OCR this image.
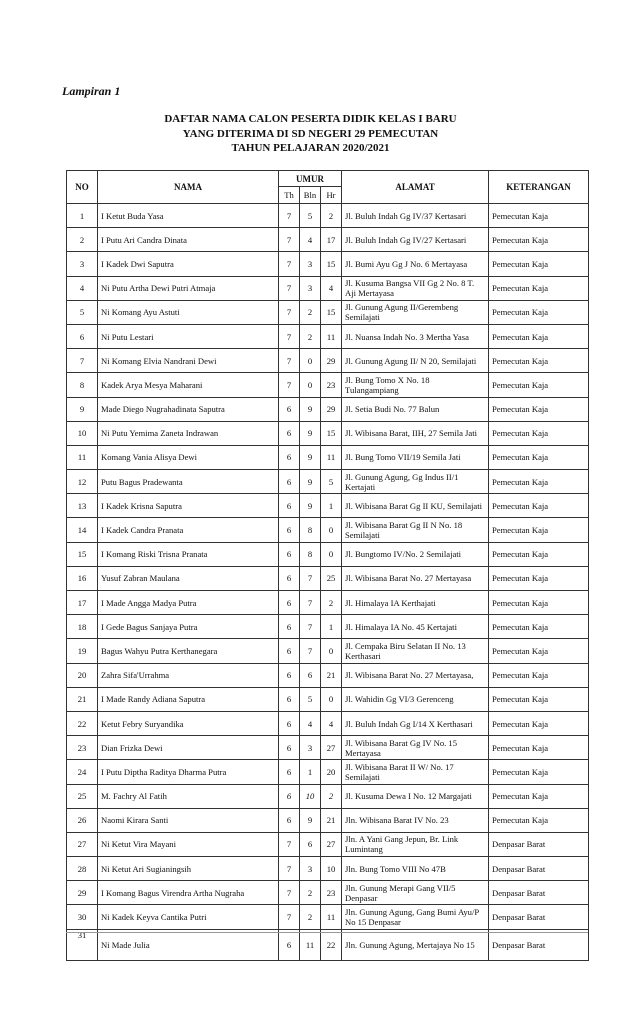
Lampiran 1
DAFTAR NAMA CALON PESERTA DIDIK KELAS I BARU
YANG DITERIMA DI SD NEGERI 29 PEMECUTAN
TAHUN PELAJARAN 2020/2021
NO	NAMA	UMUR			ALAMAT	KETERANGAN
		Th	Bln	Hr		
1	I Ketut Buda Yasa	7	5	2	Jl. Buluh Indah Gg IV/37 Kertasari	Pemecutan Kaja
2	I Putu Ari Candra Dinata	7	4	17	Jl. Buluh Indah Gg IV/27 Kertasari	Pemecutan Kaja
3	I Kadek Dwi Saputra	7	3	15	Jl. Bumi Ayu Gg J No. 6 Mertayasa	Pemecutan Kaja
4	Ni Putu Artha Dewi Putri Atmaja	7	3	4	Jl. Kusuma Bangsa VII Gg 2 No. 8 T. Aji Mertayasa	Pemecutan Kaja
5	Ni Komang Ayu Astuti	7	2	15	Jl. Gunung Agung II/Gerembeng Semilajati	Pemecutan Kaja
6	Ni Putu Lestari	7	2	11	Jl. Nuansa Indah No. 3 Mertha Yasa	Pemecutan Kaja
7	Ni Komang Elvia Nandrani Dewi	7	0	29	Jl. Gunung Agung II/ N 20, Semilajati	Pemecutan Kaja
8	Kadek Arya Mesya Maharani	7	0	23	Jl. Bung Tomo X No. 18 Tulangampiang	Pemecutan Kaja
9	Made Diego Nugrahadinata Saputra	6	9	29	Jl. Setia Budi No. 77 Balun	Pemecutan Kaja
10	Ni Putu Yemima Zaneta Indrawan	6	9	15	Jl. Wibisana Barat, IIH, 27 Semila Jati	Pemecutan Kaja
11	Komang Vania Alisya Dewi	6	9	11	Jl. Bung Tomo VII/19 Semila Jati	Pemecutan Kaja
12	Putu Bagus Pradewanta	6	9	5	Jl. Gunung Agung, Gg Indus II/1 Kertajati	Pemecutan Kaja
13	I Kadek Krisna Saputra	6	9	1	Jl. Wibisana Barat Gg II KU, Semilajati	Pemecutan Kaja
14	I Kadek Candra Pranata	6	8	0	Jl. Wibisana Barat Gg II N No. 18 Semilajati	Pemecutan Kaja
15	I Komang Riski Trisna Pranata	6	8	0	Jl. Bungtomo IV/No. 2 Semilajati	Pemecutan Kaja
16	Yusuf Zabran Maulana	6	7	25	Jl. Wibisana Barat No. 27 Mertayasa	Pemecutan Kaja
17	I Made Angga Madya Putra	6	7	2	Jl. Himalaya IA Kerthajati	Pemecutan Kaja
18	I Gede Bagus Sanjaya Putra	6	7	1	Jl. Himalaya IA No. 45 Kertajati	Pemecutan Kaja
19	Bagus Wahyu Putra Kerthanegara	6	7	0	Jl. Cempaka Biru Selatan II No. 13 Kerthasari	Pemecutan Kaja
20	Zahra Sifa'Urrahma	6	6	21	Jl. Wibisana Barat No. 27 Mertayasa,	Pemecutan Kaja
21	I Made Randy Adiana Saputra	6	5	0	Jl. Wahidin Gg VI/3 Gerenceng	Pemecutan Kaja
22	Ketut Febry Suryandika	6	4	4	Jl. Buluh Indah Gg I/14 X Kerthasari	Pemecutan Kaja
23	Dian Frizka Dewi	6	3	27	Jl. Wibisana Barat Gg IV No. 15 Mertayasa	Pemecutan Kaja
24	I Putu Diptha Raditya Dharma Putra	6	1	20	Jl. Wibisana Barat II W/ No. 17 Semilajati	Pemecutan Kaja
25	M. Fachry Al Fatih	6	10	2	Jl. Kusuma Dewa I No. 12 Margajati	Pemecutan Kaja
26	Naomi Kirara Santi	6	9	21	Jln. Wibisana Barat IV No. 23	Pemecutan Kaja
27	Ni Ketut Vira Mayani	7	6	27	Jln. A Yani Gang Jepun, Br. Link Lumintang	Denpasar Barat
28	Ni Ketut Ari Sugianingsih	7	3	10	Jln. Bung Tomo VIII No 47B	Denpasar Barat
29	I Komang Bagus Virendra Artha Nugraha	7	2	23	Jln. Gunung Merapi Gang VII/5 Denpasar	Denpasar Barat
30	Ni Kadek Keyva Cantika Putri	7	2	11	Jln. Gunung Agung, Gang Bumi Ayu/P No 15 Denpasar	Denpasar Barat
31	Ni Made Julia	6	11	22	Jln. Gunung Agung, Mertajaya No 15	Denpasar Barat
